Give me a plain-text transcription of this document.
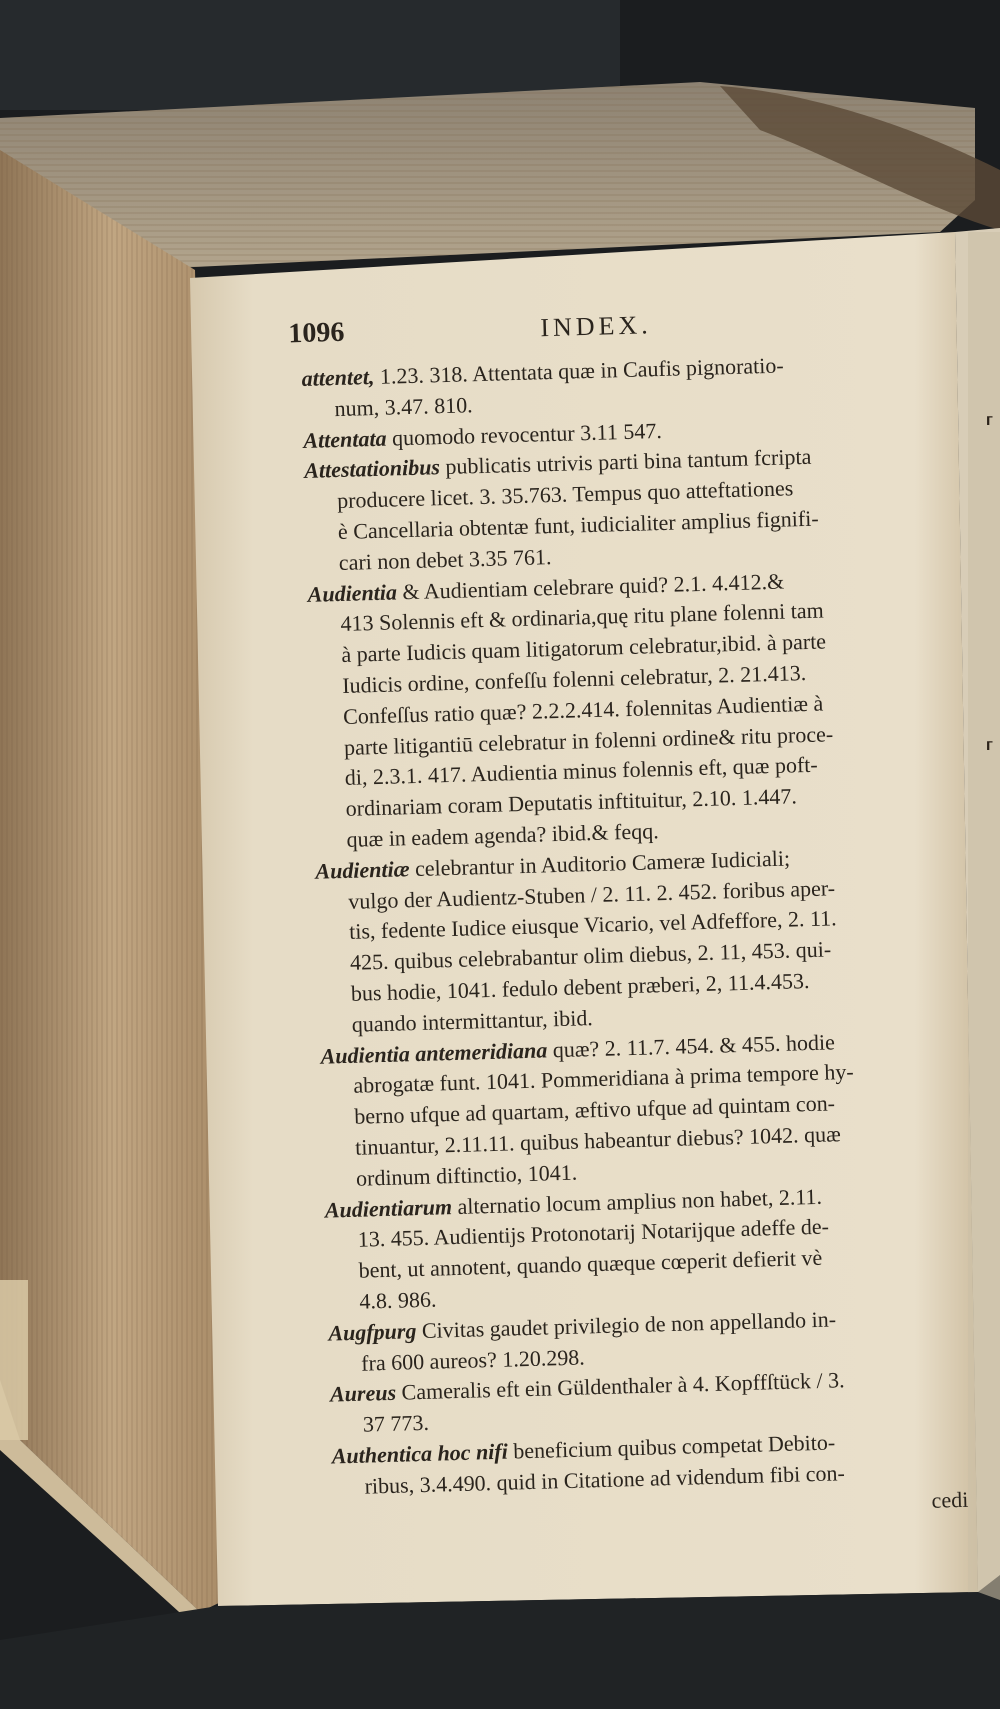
1096	INDEX.
attentet, 1.23. 318. Attentata quæ in Caufis pignoratio-
num, 3.47. 810.
Attentata quomodo revocentur 3.11 547.
Attestationibus publicatis utrivis parti bina tantum fcripta
producere licet. 3. 35.763. Tempus quo atteftationes
è Cancellaria obtentæ funt, iudicialiter amplius fignifi-
cari non debet 3.35 761.
Audientia & Audientiam celebrare quid? 2.1. 4.412.&
413 Solennis eft & ordinaria,quę ritu plane folenni tam
à parte Iudicis quam litigatorum celebratur,ibid. à parte
Iudicis ordine, confeſſu folenni celebratur, 2. 21.413.
Confeſſus ratio quæ? 2.2.2.414. folennitas Audientiæ à
parte litigantiū celebratur in folenni ordine& ritu proce-
di, 2.3.1. 417. Audientia minus folennis eft, quæ poft-
ordinariam coram Deputatis inftituitur, 2.10. 1.447.
quæ in eadem agenda? ibid.& feqq.
Audientiæ celebrantur in Auditorio Cameræ Iudiciali;
vulgo der Audientz-Stuben / 2. 11. 2. 452. foribus aper-
tis, fedente Iudice eiusque Vicario, vel Adfeffore, 2. 11.
425. quibus celebrabantur olim diebus, 2. 11, 453. qui-
bus hodie, 1041. fedulo debent præberi, 2, 11.4.453.
quando intermittantur, ibid.
Audientia antemeridiana quæ? 2. 11.7. 454. & 455. hodie
abrogatæ funt. 1041. Pommeridiana à prima tempore hy-
berno ufque ad quartam, æftivo ufque ad quintam con-
tinuantur, 2.11.11. quibus habeantur diebus? 1042. quæ
ordinum diftinctio, 1041.
Audientiarum alternatio locum amplius non habet, 2.11.
13. 455. Audientijs Protonotarij Notarijque adeffe de-
bent, ut annotent, quando quæque cœperit defierit vè
4.8. 986.
Augfpurg Civitas gaudet privilegio de non appellando in-
fra 600 aureos? 1.20.298.
Aureus Cameralis eft ein Güldenthaler à 4. Kopffſtück / 3.
37 773.
Authentica hoc nifi beneficium quibus competat Debito-
ribus, 3.4.490. quid in Citatione ad videndum fibi con-
cedi
⸢
⸢
